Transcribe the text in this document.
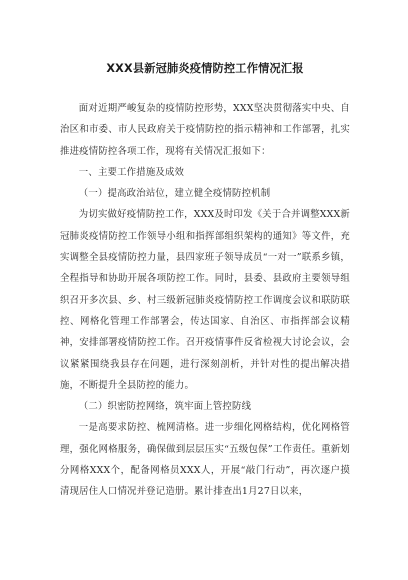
XXX县新冠肺炎疫情防控工作情况汇报

面对近期严峻复杂的疫情防控形势，XXX坚决贯彻落实中央、自治区和市委、市人民政府关于疫情防控的指示精神和工作部署，扎实推进疫情防控各项工作，现将有关情况汇报如下：

一、主要工作措施及成效

（一）提高政治站位，建立健全疫情防控机制

为切实做好疫情防控工作，XXX及时印发《关于合并调整XXX新冠肺炎疫情防控工作领导小组和指挥部组织架构的通知》等文件，充实调整全县疫情防控力量，县四家班子领导成员“一对一”联系乡镇，全程指导和协助开展各项防控工作。同时，县委、县政府主要领导组织召开多次县、乡、村三级新冠肺炎疫情防控工作调度会议和联防联控、网格化管理工作部署会，传达国家、自治区、市指挥部会议精神，安排部署疫情防控工作。召开疫情事件反省检视大讨论会议，会议紧紧围绕我县存在问题，进行深刻剖析，并针对性的提出解决措施，不断提升全县防控的能力。

（二）织密防控网络，筑牢面上管控防线

一是高要求防控、梳网清格。进一步细化网格结构，优化网格管理，强化网格服务，确保做到层层压实“五级包保”工作责任。重新划分网格XXX个，配备网格员XXX人，开展“敲门行动”，再次逐户摸清现居住人口情况并登记造册。累计排查出1月27日以来，
